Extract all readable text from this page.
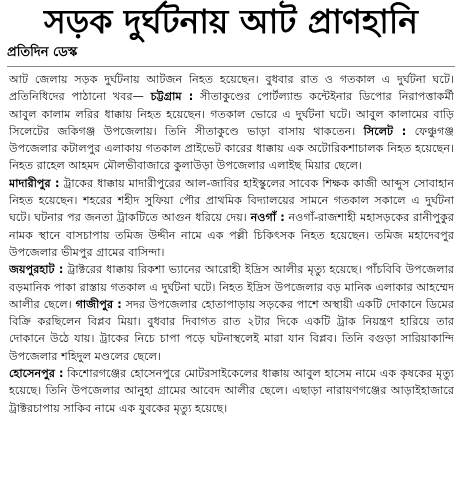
সড়ক দুর্ঘটনায় আট প্রাণহানি
প্রতিদিন ডেস্ক

আট জেলায় সড়ক দুর্ঘটনায় আটজন নিহত হয়েছেন। বুধবার রাত ও গতকাল এ দুর্ঘটনা ঘটে। প্রতিনিধিদের পাঠানো খবর— চট্টগ্রাম : সীতাকুণ্ডের পোর্টল্যান্ড কন্টেইনার ডিপোর নিরাপত্তাকর্মী আবুল কালাম লরির ধাক্কায় নিহত হয়েছেন। গতকাল ভোরে এ দুর্ঘটনা ঘটে। আবুল কালামের বাড়ি সিলেটের জকিগঞ্জ উপজেলায়। তিনি সীতাকুণ্ডে ভাড়া বাসায় থাকতেন। সিলেট : ফেঞ্চুগঞ্জ উপজেলার কটালপুর এলাকায় গতকাল প্রাইভেট কারের ধাক্কায় এক অটোরিকশাচালক নিহত হয়েছেন। নিহত রাহেল আহমদ মৌলভীবাজারে কুলাউড়া উপজেলার এলাইছ মিয়ার ছেলে।

মাদারীপুর : ট্রাকের ধাক্কায় মাদারীপুরের আল-জাবির হাইস্কুলের সাবেক শিক্ষক কাজী আব্দুস সোবাহান নিহত হয়েছেন। শহরের শহীদ সুফিয়া পৌর প্রাথমিক বিদ্যালয়ের সামনে গতকাল সকালে এ দুর্ঘটনা ঘটে। ঘটনার পর জনতা ট্রাকটিতে আগুন ধরিয়ে দেয়। নওগাঁ : নওগাঁ-রাজশাহী মহাসড়কের রানীপুকুর নামক স্থানে বাসচাপায় তমিজ উদ্দীন নামে এক পল্লী চিকিৎসক নিহত হয়েছেন। তমিজ মহাদেবপুর উপজেলার ভীমপুর গ্রামের বাসিন্দা।

জয়পুরহাট : ট্রাক্টরের ধাক্কায় রিকশা ভ্যানের আরোহী ইদ্রিস আলীর মৃত্যু হয়েছে। পাঁচবিবি উপজেলার বড়মানিক পাকা রাস্তায় গতকাল এ দুর্ঘটনা ঘটে। নিহত ইদ্রিস উপজেলার বড় মানিক এলাকার আহম্মেদ আলীর ছেলে। গাজীপুর : সদর উপজেলার হোতাপাড়ায় সড়কের পাশে অস্থায়ী একটি দোকানে ডিমের বিক্রি করছিলেন বিপ্লব মিয়া। বুধবার দিবাগত রাত ২টার দিকে একটি ট্রাক নিয়ন্ত্রণ হারিয়ে তার দোকানে উঠে যায়। ট্রাকের নিচে চাপা পড়ে ঘটনাস্থলেই মারা যান বিপ্লব। তিনি বগুড়া সারিয়াকান্দি উপজেলার শহিদুল মণ্ডলের ছেলে।

হোসেনপুর : কিশোরগঞ্জের হোসেনপুরে মোটরসাইকেলের ধাক্কায় আবুল হাসেম নামে এক কৃষকের মৃত্যু হয়েছে। তিনি উপজেলার আনুহা গ্রামের আবেদ আলীর ছেলে। এছাড়া নারায়ণগঞ্জের আড়াইহাজারে ট্রাক্টরচাপায় সাকিব নামে এক যুবকের মৃত্যু হয়েছে।
